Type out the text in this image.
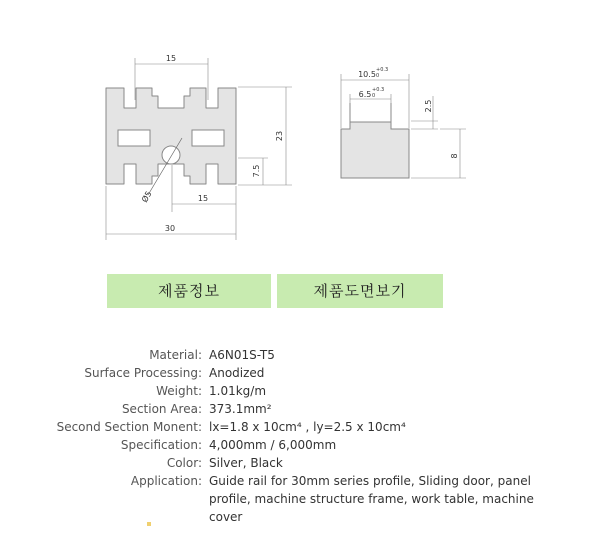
15
23
7.5
Ø5	15
30
10.5 +0.3
0
6.5 +0.3
0
2.5
8
제품정보	제품도면보기
Material: A6N01S-T5
Surface Processing: Anodized
Weight: 1.01kg/m
Section Area: 373.1mm²
Second Section Monent: lx=1.8 x 10cm⁴ , ly=2.5 x 10cm⁴
Specification: 4,000mm / 6,000mm
Color: Silver, Black
Application: Guide rail for 30mm series profile, Sliding door, panel profile, machine structure frame, work table, machine cover
